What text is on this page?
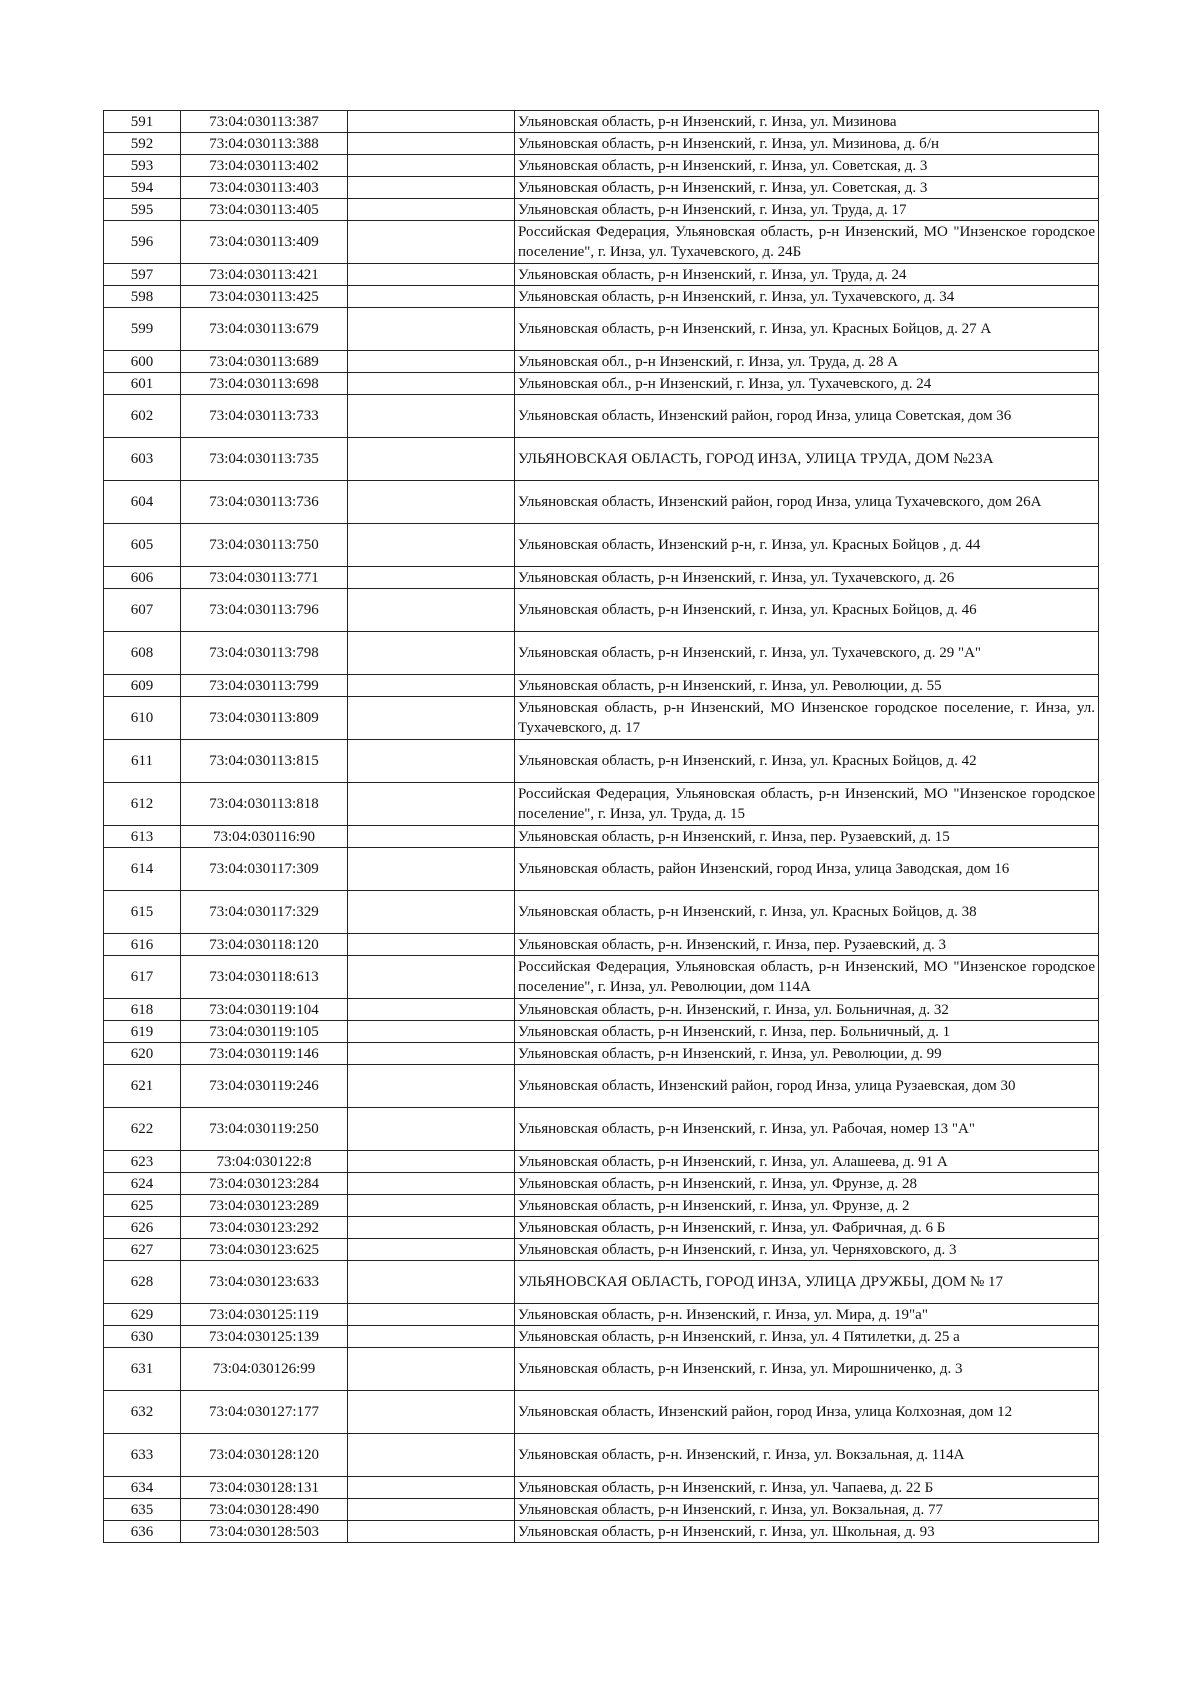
591	73:04:030113:387		Ульяновская область, р-н Инзенский, г. Инза, ул. Мизинова
592	73:04:030113:388		Ульяновская область, р-н Инзенский, г. Инза, ул. Мизинова, д. б/н
593	73:04:030113:402		Ульяновская область, р-н Инзенский, г. Инза, ул. Советская, д. 3
594	73:04:030113:403		Ульяновская область, р-н Инзенский, г. Инза, ул. Советская, д. 3
595	73:04:030113:405		Ульяновская область, р-н Инзенский, г. Инза, ул. Труда, д. 17
596	73:04:030113:409		Российская Федерация, Ульяновская область, р-н Инзенский, МО "Инзенское городское поселение", г. Инза, ул. Тухачевского, д. 24Б
597	73:04:030113:421		Ульяновская область, р-н Инзенский, г. Инза, ул. Труда, д. 24
598	73:04:030113:425		Ульяновская область, р-н Инзенский, г. Инза, ул. Тухачевского, д. 34
599	73:04:030113:679		Ульяновская область, р-н Инзенский, г. Инза, ул. Красных Бойцов, д. 27 А
600	73:04:030113:689		Ульяновская обл., р-н Инзенский, г. Инза, ул. Труда, д. 28 А
601	73:04:030113:698		Ульяновская обл., р-н Инзенский, г. Инза, ул. Тухачевского, д. 24
602	73:04:030113:733		Ульяновская область, Инзенский район, город Инза, улица Советская, дом 36
603	73:04:030113:735		УЛЬЯНОВСКАЯ ОБЛАСТЬ, ГОРОД ИНЗА, УЛИЦА ТРУДА, ДОМ №23А
604	73:04:030113:736		Ульяновская область, Инзенский район, город Инза, улица Тухачевского, дом 26А
605	73:04:030113:750		Ульяновская область, Инзенский р-н, г. Инза, ул. Красных Бойцов , д. 44
606	73:04:030113:771		Ульяновская область, р-н Инзенский, г. Инза, ул. Тухачевского, д. 26
607	73:04:030113:796		Ульяновская область, р-н Инзенский, г. Инза, ул. Красных Бойцов, д. 46
608	73:04:030113:798		Ульяновская область, р-н Инзенский, г. Инза, ул. Тухачевского, д. 29 "А"
609	73:04:030113:799		Ульяновская область, р-н Инзенский, г. Инза, ул. Революции, д. 55
610	73:04:030113:809		Ульяновская область, р-н Инзенский, МО Инзенское городское поселение, г. Инза, ул. Тухачевского, д. 17
611	73:04:030113:815		Ульяновская область, р-н Инзенский, г. Инза, ул. Красных Бойцов, д. 42
612	73:04:030113:818		Российская Федерация, Ульяновская область, р-н Инзенский, МО "Инзенское городское поселение", г. Инза, ул. Труда, д. 15
613	73:04:030116:90		Ульяновская область, р-н Инзенский, г. Инза, пер. Рузаевский, д. 15
614	73:04:030117:309		Ульяновская область, район Инзенский, город Инза, улица Заводская, дом 16
615	73:04:030117:329		Ульяновская область, р-н Инзенский, г. Инза, ул. Красных Бойцов, д. 38
616	73:04:030118:120		Ульяновская область, р-н. Инзенский, г. Инза, пер. Рузаевский, д. 3
617	73:04:030118:613		Российская Федерация, Ульяновская область, р-н Инзенский, МО "Инзенское городское поселение", г. Инза, ул. Революции, дом 114А
618	73:04:030119:104		Ульяновская область, р-н. Инзенский, г. Инза, ул. Больничная, д. 32
619	73:04:030119:105		Ульяновская область, р-н Инзенский, г. Инза, пер. Больничный, д. 1
620	73:04:030119:146		Ульяновская область, р-н Инзенский, г. Инза, ул. Революции, д. 99
621	73:04:030119:246		Ульяновская область, Инзенский район, город Инза, улица Рузаевская, дом 30
622	73:04:030119:250		Ульяновская область, р-н Инзенский, г. Инза, ул. Рабочая, номер 13 "А"
623	73:04:030122:8		Ульяновская область, р-н Инзенский, г. Инза, ул. Алашеева, д. 91 А
624	73:04:030123:284		Ульяновская область, р-н Инзенский, г. Инза, ул. Фрунзе, д. 28
625	73:04:030123:289		Ульяновская область, р-н Инзенский, г. Инза, ул. Фрунзе, д. 2
626	73:04:030123:292		Ульяновская область, р-н Инзенский, г. Инза, ул. Фабричная, д. 6 Б
627	73:04:030123:625		Ульяновская область, р-н Инзенский, г. Инза, ул. Черняховского, д. 3
628	73:04:030123:633		УЛЬЯНОВСКАЯ ОБЛАСТЬ, ГОРОД ИНЗА, УЛИЦА ДРУЖБЫ, ДОМ № 17
629	73:04:030125:119		Ульяновская область, р-н. Инзенский, г. Инза, ул. Мира, д. 19"а"
630	73:04:030125:139		Ульяновская область, р-н Инзенский, г. Инза, ул. 4 Пятилетки, д. 25 а
631	73:04:030126:99		Ульяновская область, р-н Инзенский, г. Инза, ул. Мирошниченко, д. 3
632	73:04:030127:177		Ульяновская область, Инзенский район, город Инза, улица Колхозная, дом 12
633	73:04:030128:120		Ульяновская область, р-н. Инзенский, г. Инза, ул. Вокзальная, д. 114А
634	73:04:030128:131		Ульяновская область, р-н Инзенский, г. Инза, ул. Чапаева, д. 22 Б
635	73:04:030128:490		Ульяновская область, р-н Инзенский, г. Инза, ул. Вокзальная, д. 77
636	73:04:030128:503		Ульяновская область, р-н Инзенский, г. Инза, ул. Школьная, д. 93
